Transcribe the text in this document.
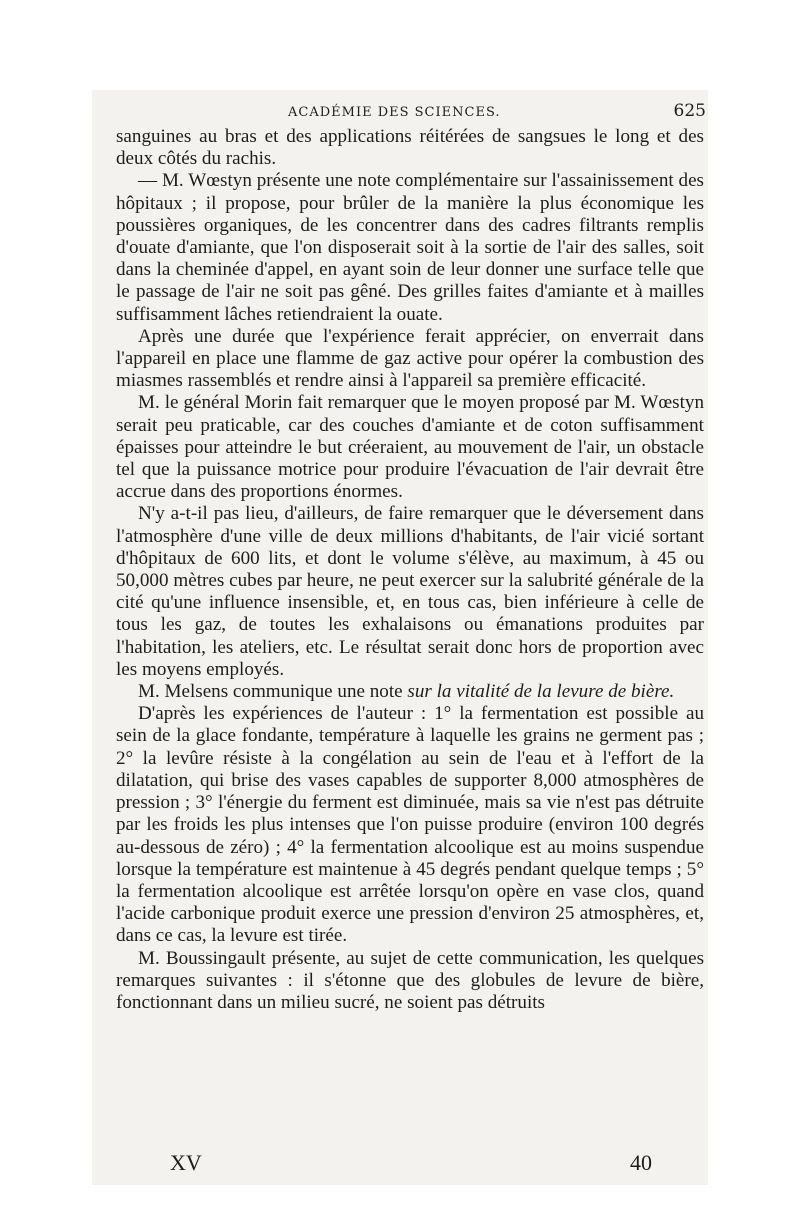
ACADÉMIE DES SCIENCES.	625

sanguines au bras et des applications réitérées de sangsues le long et des deux côtés du rachis.

— M. Wœstyn présente une note complémentaire sur l'assainissement des hôpitaux ; il propose, pour brûler de la manière la plus économique les poussières organiques, de les concentrer dans des cadres filtrants remplis d'ouate d'amiante, que l'on disposerait soit à la sortie de l'air des salles, soit dans la cheminée d'appel, en ayant soin de leur donner une surface telle que le passage de l'air ne soit pas gêné. Des grilles faites d'amiante et à mailles suffisamment lâches retiendraient la ouate.

Après une durée que l'expérience ferait apprécier, on enverrait dans l'appareil en place une flamme de gaz active pour opérer la combustion des miasmes rassemblés et rendre ainsi à l'appareil sa première efficacité.

M. le général Morin fait remarquer que le moyen proposé par M. Wœstyn serait peu praticable, car des couches d'amiante et de coton suffisamment épaisses pour atteindre le but créeraient, au mouvement de l'air, un obstacle tel que la puissance motrice pour produire l'évacuation de l'air devrait être accrue dans des proportions énormes.

N'y a-t-il pas lieu, d'ailleurs, de faire remarquer que le déversement dans l'atmosphère d'une ville de deux millions d'habitants, de l'air vicié sortant d'hôpitaux de 600 lits, et dont le volume s'élève, au maximum, à 45 ou 50,000 mètres cubes par heure, ne peut exercer sur la salubrité générale de la cité qu'une influence insensible, et, en tous cas, bien inférieure à celle de tous les gaz, de toutes les exhalaisons ou émanations produites par l'habitation, les ateliers, etc. Le résultat serait donc hors de proportion avec les moyens employés.

M. Melsens communique une note sur la vitalité de la levure de bière.

D'après les expériences de l'auteur : 1° la fermentation est possible au sein de la glace fondante, température à laquelle les grains ne germent pas ; 2° la levûre résiste à la congélation au sein de l'eau et à l'effort de la dilatation, qui brise des vases capables de supporter 8,000 atmosphères de pression ; 3° l'énergie du ferment est diminuée, mais sa vie n'est pas détruite par les froids les plus intenses que l'on puisse produire (environ 100 degrés au-dessous de zéro) ; 4° la fermentation alcoolique est au moins suspendue lorsque la température est maintenue à 45 degrés pendant quelque temps ; 5° la fermentation alcoolique est arrêtée lorsqu'on opère en vase clos, quand l'acide carbonique produit exerce une pression d'environ 25 atmosphères, et, dans ce cas, la levure est tirée.

M. Boussingault présente, au sujet de cette communication, les quelques remarques suivantes : il s'étonne que des globules de levure de bière, fonctionnant dans un milieu sucré, ne soient pas détruits

XV	40
